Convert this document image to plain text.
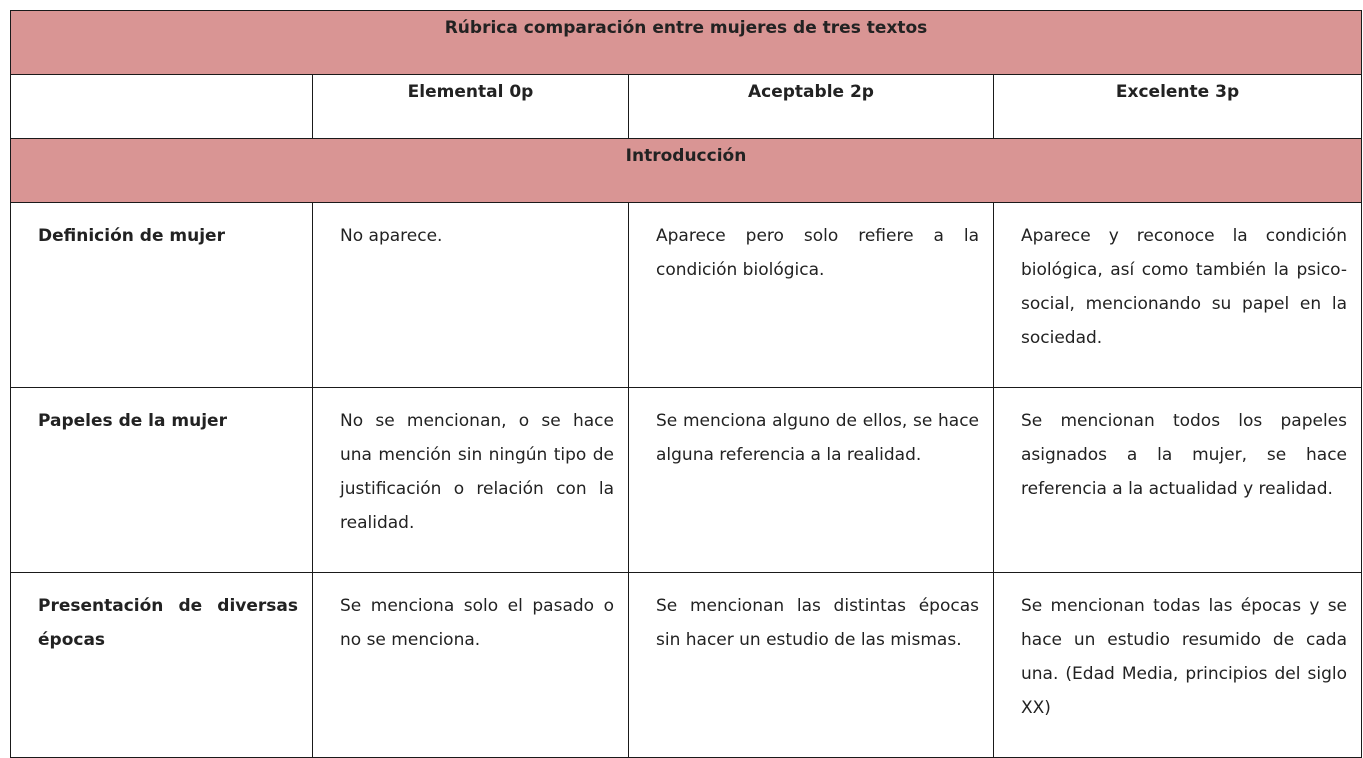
Rúbrica comparación entre mujeres de tres textos			
	Elemental 0p	Aceptable 2p	Excelente 3p
Introducción			
Definición de mujer	No aparece.	Aparece pero solo refiere a la condición biológica.	Aparece y reconoce la condición biológica, así como también la psico-social, mencionando su papel en la sociedad.
Papeles de la mujer	No se mencionan, o se hace una mención sin ningún tipo de justificación o relación con la realidad.	Se menciona alguno de ellos, se hace alguna referencia a la realidad.	Se mencionan todos los papeles asignados a la mujer, se hace referencia a la actualidad y realidad.
Presentación de diversas épocas	Se menciona solo el pasado o no se menciona.	Se mencionan las distintas épocas sin hacer un estudio de las mismas.	Se mencionan todas las épocas y se hace un estudio resumido de cada una. (Edad Media, principios del siglo XX)
